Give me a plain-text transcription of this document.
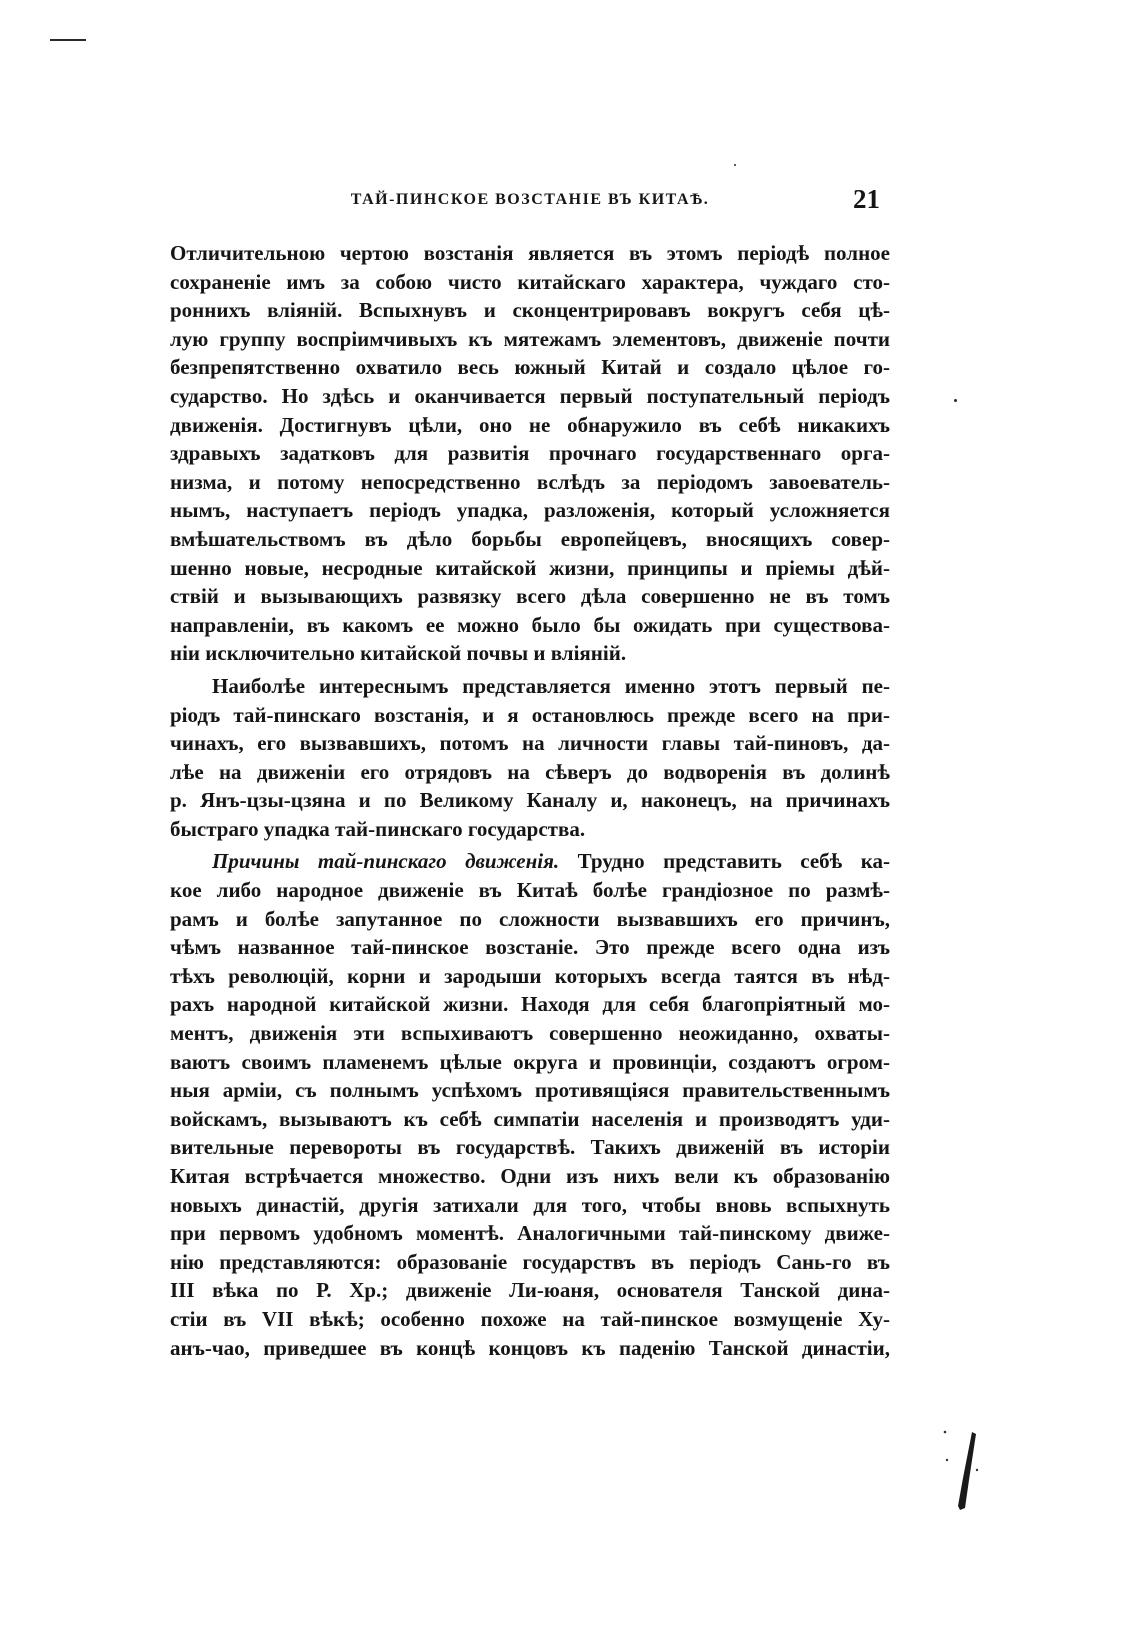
ТАЙ-ПИНСКОЕ ВОЗСТАНІЕ ВЪ КИТАѢ.	21
Отличительною чертою возстанія является въ этомъ періодѣ полное
сохраненіе имъ за собою чисто китайскаго характера, чуждаго сто-
роннихъ вліяній. Вспыхнувъ и сконцентрировавъ вокругъ себя цѣ-
лую группу воспріимчивыхъ къ мятежамъ элементовъ, движеніе почти
безпрепятственно охватило весь южный Китай и создало цѣлое го-
сударство. Но здѣсь и оканчивается первый поступательный періодъ
движенія. Достигнувъ цѣли, оно не обнаружило въ себѣ никакихъ
здравыхъ задатковъ для развитія прочнаго государственнаго орга-
низма, и потому непосредственно вслѣдъ за періодомъ завоеватель-
нымъ, наступаетъ періодъ упадка, разложенія, который усложняется
вмѣшательствомъ въ дѣло борьбы европейцевъ, вносящихъ совер-
шенно новые, несродные китайской жизни, принципы и пріемы дѣй-
ствій и вызывающихъ развязку всего дѣла совершенно не въ томъ
направленіи, въ какомъ ее можно было бы ожидать при существова-
ніи исключительно китайской почвы и вліяній.
Наиболѣе интереснымъ представляется именно этотъ первый пе-
ріодъ тай-пинскаго возстанія, и я остановлюсь прежде всего на при-
чинахъ, его вызвавшихъ, потомъ на личности главы тай-пиновъ, да-
лѣе на движеніи его отрядовъ на сѣверъ до водворенія въ долинѣ
р. Янъ-цзы-цзяна и по Великому Каналу и, наконецъ, на причинахъ
быстраго упадка тай-пинскаго государства.
Причины тай-пинскаго движенія. Трудно представить себѣ ка-
кое либо народное движеніе въ Китаѣ болѣе грандіозное по размѣ-
рамъ и болѣе запутанное по сложности вызвавшихъ его причинъ,
чѣмъ названное тай-пинское возстаніе. Это прежде всего одна изъ
тѣхъ революцій, корни и зародыши которыхъ всегда таятся въ нѣд-
рахъ народной китайской жизни. Находя для себя благопріятный мо-
ментъ, движенія эти вспыхиваютъ совершенно неожиданно, охваты-
ваютъ своимъ пламенемъ цѣлые округа и провинціи, создаютъ огром-
ныя арміи, съ полнымъ успѣхомъ противящіяся правительственнымъ
войскамъ, вызываютъ къ себѣ симпатіи населенія и производятъ уди-
вительные перевороты въ государствѣ. Такихъ движеній въ исторіи
Китая встрѣчается множество. Одни изъ нихъ вели къ образованію
новыхъ династій, другія затихали для того, чтобы вновь вспыхнуть
при первомъ удобномъ моментѣ. Аналогичными тай-пинскому движе-
нію представляются: образованіе государствъ въ періодъ Сань-го въ
III вѣка по Р. Хр.; движеніе Ли-юаня, основателя Танской дина-
стіи въ VII вѣкѣ; особенно похоже на тай-пинское возмущеніе Ху-
анъ-чао, приведшее въ концѣ концовъ къ паденію Танской династіи,
